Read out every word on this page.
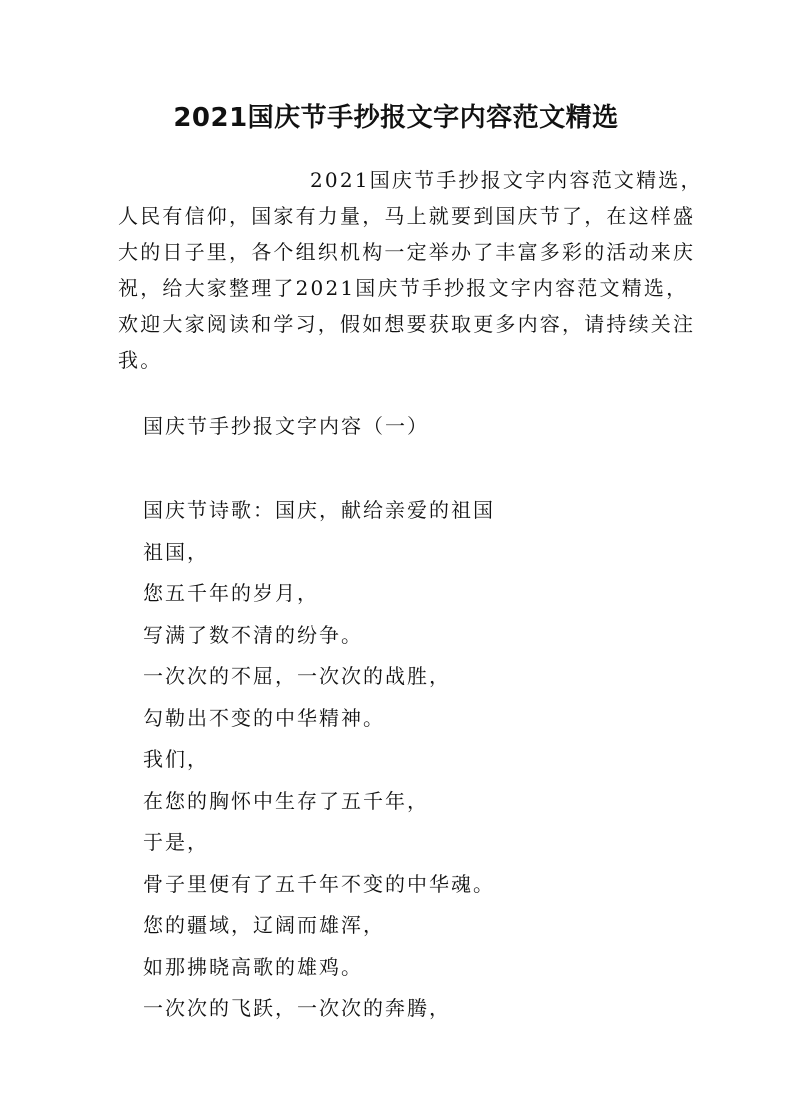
2021国庆节手抄报文字内容范文精选
2021国庆节手抄报文字内容范文精选，
人民有信仰，国家有力量，马上就要到国庆节了，在这样盛
大的日子里，各个组织机构一定举办了丰富多彩的活动来庆
祝，给大家整理了2021国庆节手抄报文字内容范文精选，
欢迎大家阅读和学习，假如想要获取更多内容，请持续关注
我。
国庆节手抄报文字内容（一）
国庆节诗歌：国庆，献给亲爱的祖国
祖国，
您五千年的岁月，
写满了数不清的纷争。
一次次的不屈，一次次的战胜，
勾勒出不变的中华精神。
我们，
在您的胸怀中生存了五千年，
于是，
骨子里便有了五千年不变的中华魂。
您的疆域，辽阔而雄浑，
如那拂晓高歌的雄鸡。
一次次的飞跃，一次次的奔腾，
